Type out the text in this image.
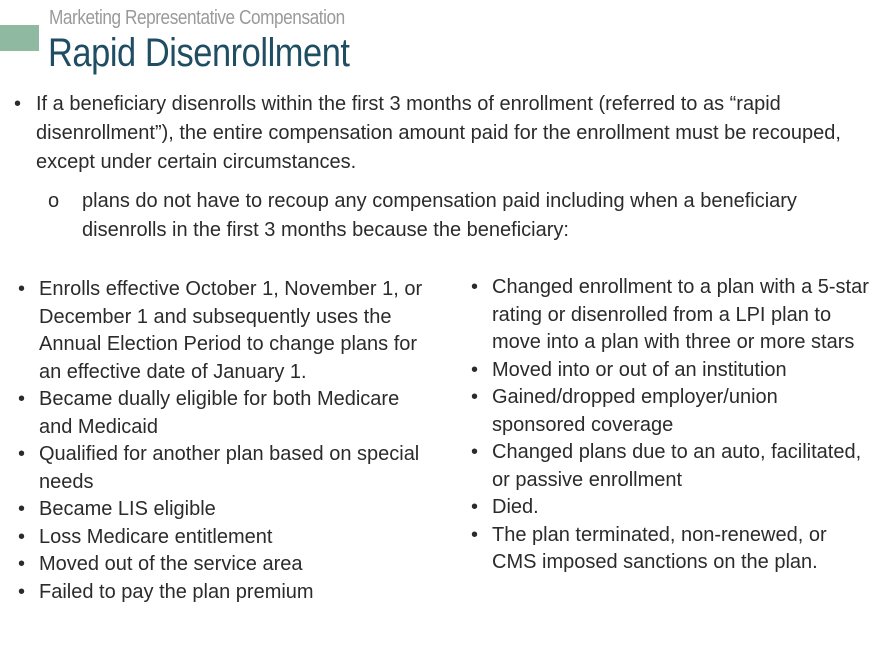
Marketing Representative Compensation
Rapid Disenrollment
• If a beneficiary disenrolls within the first 3 months of enrollment (referred to as “rapid disenrollment”), the entire compensation amount paid for the enrollment must be recouped, except under certain circumstances.
o	plans do not have to recoup any compensation paid including when a beneficiary disenrolls in the first 3 months because the beneficiary:
• Enrolls effective October 1, November 1, or December 1 and subsequently uses the Annual Election Period to change plans for an effective date of January 1.
• Became dually eligible for both Medicare and Medicaid
• Qualified for another plan based on special needs
• Became LIS eligible
• Loss Medicare entitlement
• Moved out of the service area
• Failed to pay the plan premium
• Changed enrollment to a plan with a 5-star rating or disenrolled from a LPI plan to move into a plan with three or more stars
• Moved into or out of an institution
• Gained/dropped employer/union sponsored coverage
• Changed plans due to an auto, facilitated, or passive enrollment
• Died.
• The plan terminated, non-renewed, or CMS imposed sanctions on the plan.
